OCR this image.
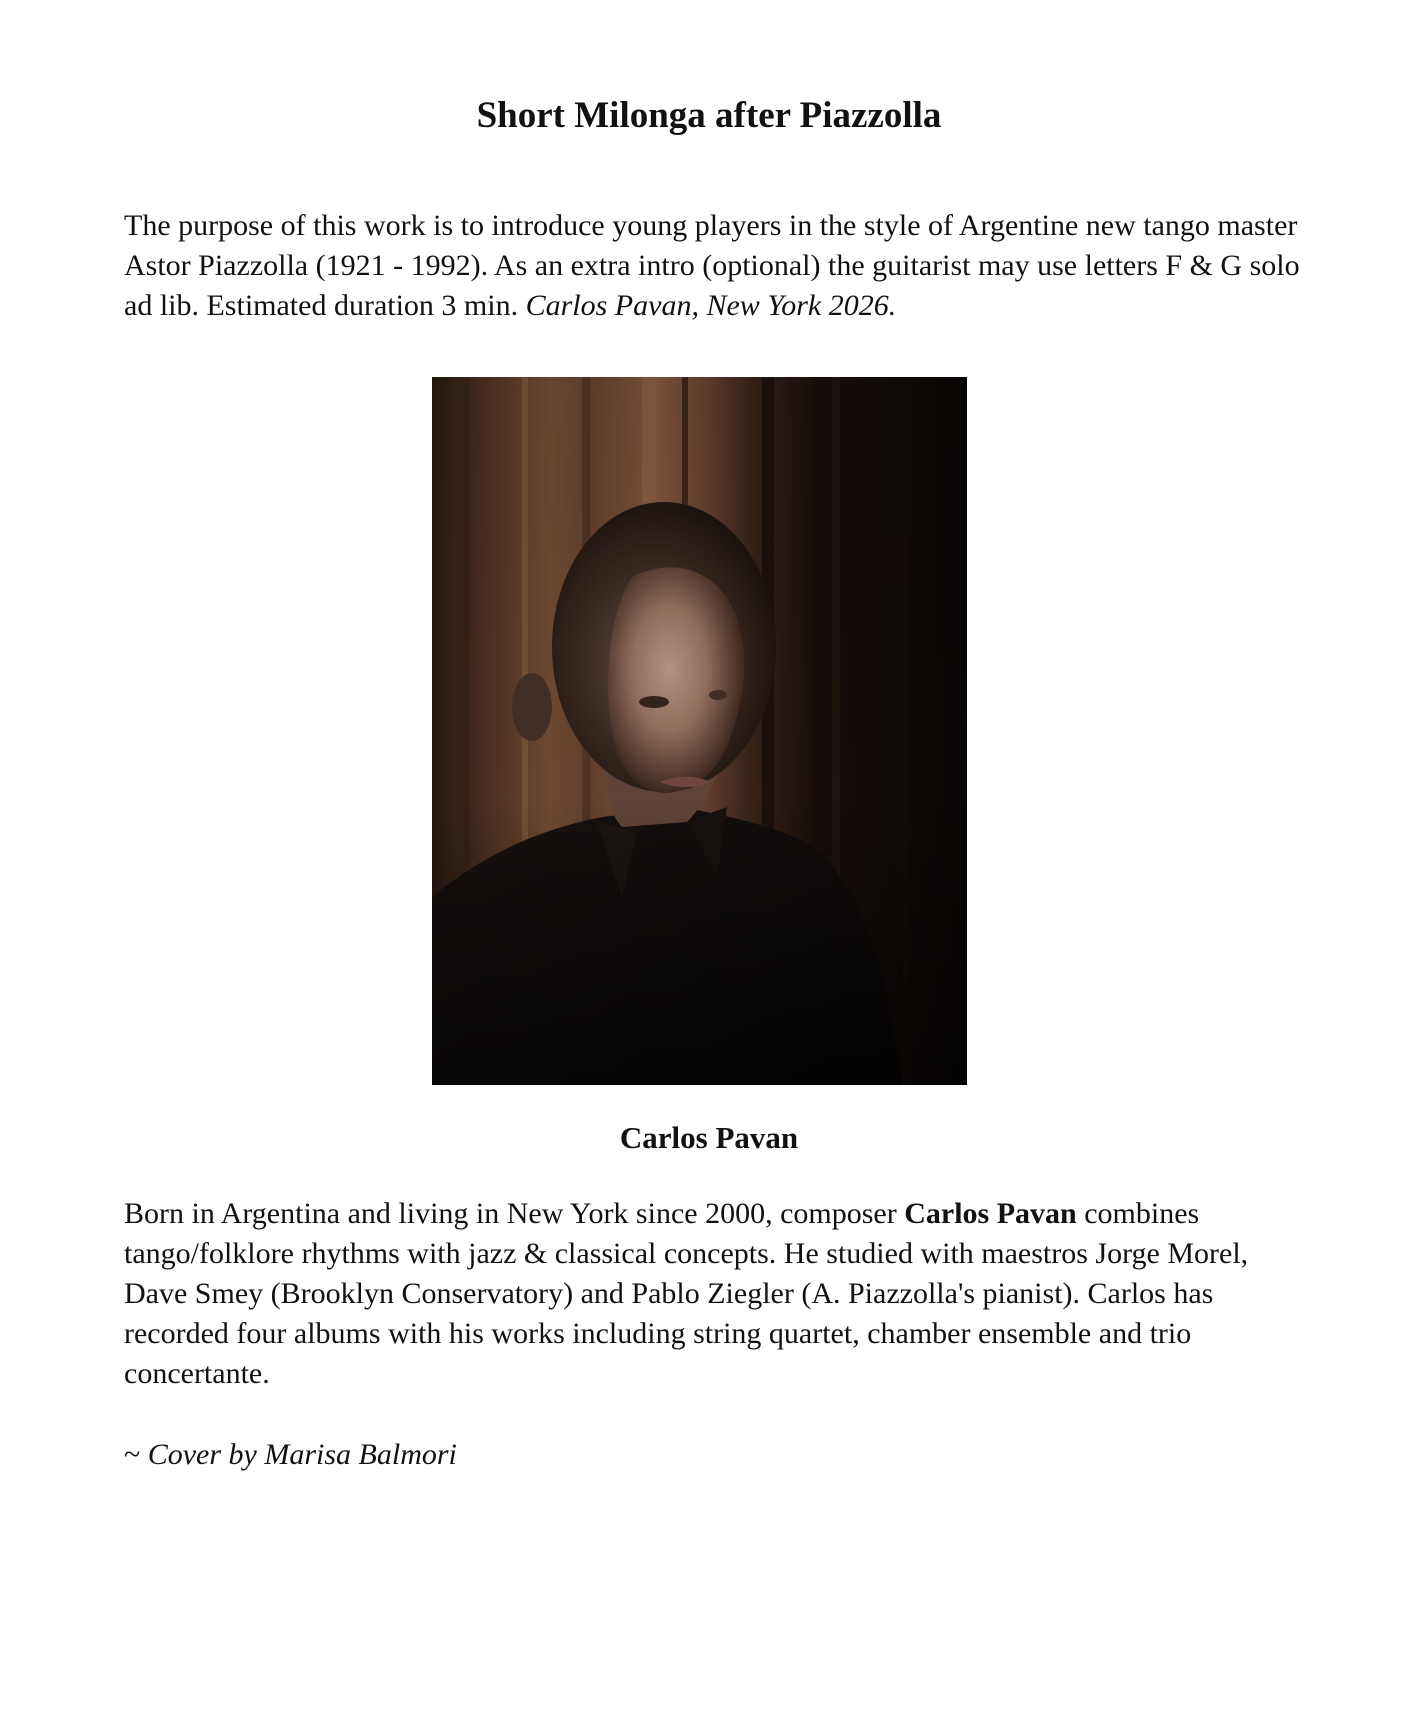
Short Milonga after Piazzolla

The purpose of this work is to introduce young players in the style of Argentine new tango master Astor Piazzolla (1921 - 1992). As an extra intro (optional) the guitarist may use letters F & G solo ad lib. Estimated duration 3 min. Carlos Pavan, New York 2026.

Carlos Pavan

Born in Argentina and living in New York since 2000, composer Carlos Pavan combines tango/folklore rhythms with jazz & classical concepts. He studied with maestros Jorge Morel, Dave Smey (Brooklyn Conservatory) and Pablo Ziegler (A. Piazzolla's pianist). Carlos has recorded four albums with his works including string quartet, chamber ensemble and trio concertante.

~ Cover by Marisa Balmori
